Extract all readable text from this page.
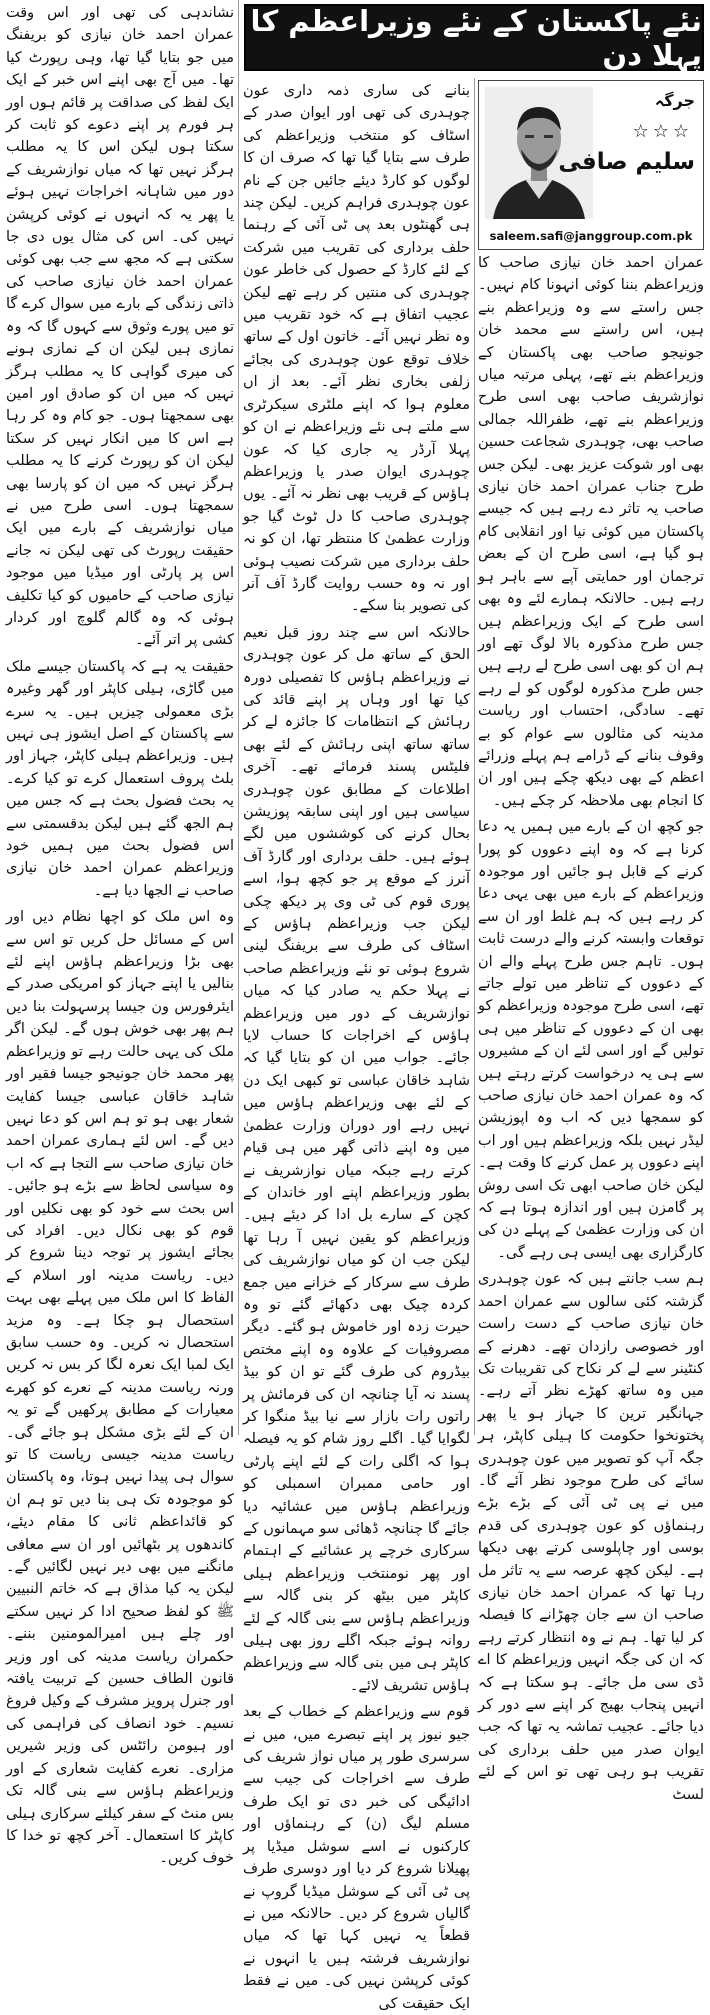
نشاندہی کی تھی اور اس وقت عمران احمد خان نیازی کو بریفنگ میں جو بتایا گیا تھا، وہی رپورٹ کیا تھا۔ میں آج بھی اپنے اس خبر کے ایک ایک لفظ کی صداقت پر قائم ہوں اور ہر فورم پر اپنے دعوے کو ثابت کر سکتا ہوں لیکن اس کا یہ مطلب ہرگز نہیں تھا کہ میاں نوازشریف کے دور میں شاہانہ اخراجات نہیں ہوئے یا پھر یہ کہ انہوں نے کوئی کرپشن نہیں کی۔ اس کی مثال یوں دی جا سکتی ہے کہ مجھ سے جب بھی کوئی عمران احمد خان نیازی صاحب کی ذاتی زندگی کے بارے میں سوال کرے گا تو میں پورے وثوق سے کہوں گا کہ وہ نمازی ہیں لیکن ان کے نمازی ہونے کی میری گواہی کا یہ مطلب ہرگز نہیں کہ میں ان کو صادق اور امین بھی سمجھتا ہوں۔ جو کام وہ کر رہا ہے اس کا میں انکار نہیں کر سکتا لیکن ان کو رپورٹ کرنے کا یہ مطلب ہرگز نہیں کہ میں ان کو پارسا بھی سمجھتا ہوں۔ اسی طرح میں نے میاں نوازشریف کے بارے میں ایک حقیقت رپورٹ کی تھی لیکن نہ جانے اس پر پارٹی اور میڈیا میں موجود نیازی صاحب کے حامیوں کو کیا تکلیف ہوئی کہ وہ گالم گلوچ اور کردار کشی پر اتر آئے۔

حقیقت یہ ہے کہ پاکستان جیسے ملک میں گاڑی، ہیلی کاپٹر اور گھر وغیرہ بڑی معمولی چیزیں ہیں۔ یہ سرے سے پاکستان کے اصل ایشوز ہی نہیں ہیں۔ وزیراعظم ہیلی کاپٹر، جہاز اور بلٹ پروف استعمال کرے تو کیا کرے۔ یہ بحث فضول بحث ہے کہ جس میں ہم الجھ گئے ہیں لیکن بدقسمتی سے اس فضول بحث میں ہمیں خود وزیراعظم عمران احمد خان نیازی صاحب نے الجھا دیا ہے۔

وہ اس ملک کو اچھا نظام دیں اور اس کے مسائل حل کریں تو اس سے بھی بڑا وزیراعظم ہاؤس اپنے لئے بنالیں یا اپنے جہاز کو امریکی صدر کے ایئرفورس ون جیسا پرسہولت بنا دیں ہم پھر بھی خوش ہوں گے۔ لیکن اگر ملک کی یہی حالت رہے تو وزیراعظم پھر محمد خان جونیجو جیسا فقیر اور شاہد خاقان عباسی جیسا کفایت شعار بھی ہو تو ہم اس کو دعا نہیں دیں گے۔ اس لئے ہماری عمران احمد خان نیازی صاحب سے التجا ہے کہ اب وہ سیاسی لحاظ سے بڑے ہو جائیں۔ اس بحث سے خود کو بھی نکلیں اور قوم کو بھی نکال دیں۔ افراد کی بجائے ایشوز پر توجہ دینا شروع کر دیں۔ ریاست مدینہ اور اسلام کے الفاظ کا اس ملک میں پہلے بھی بہت استحصال ہو چکا ہے۔ وہ مزید استحصال نہ کریں۔ وہ حسب سابق ایک لمبا ایک نعرہ لگا کر بس نہ کریں ورنہ ریاست مدینہ کے نعرے کو کھرے معیارات کے مطابق پرکھیں گے تو یہ ان کے لئے بڑی مشکل ہو جائے گی۔ ریاست مدینہ جیسی ریاست کا تو سوال ہی پیدا نہیں ہوتا، وہ پاکستان کو موجودہ تک ہی بنا دیں تو ہم ان کو قائداعظم ثانی کا مقام دیئے، کاندھوں پر بٹھائیں اور ان سے معافی مانگنے میں بھی دیر نہیں لگائیں گے۔ لیکن یہ کیا مذاق ہے کہ خاتم النبیین ﷺ کو لفظ صحیح ادا کر نہیں سکتے اور چلے ہیں امیرالمومنین بننے۔ حکمران ریاست مدینہ کی اور وزیر قانون الطاف حسین کے تربیت یافتہ اور جنرل پرویز مشرف کے وکیل فروغ نسیم۔ خود انصاف کی فراہمی کی اور ہیومن رائٹس کی وزیر شیریں مزاری۔ نعرے کفایت شعاری کے اور وزیراعظم ہاؤس سے بنی گالہ تک بس منٹ کے سفر کیلئے سرکاری ہیلی کاپٹر کا استعمال۔ آخر کچھ تو خدا کا خوف کریں۔

نئے پاکستان کے نئے وزیراعظم کا پہلا دن

بنانے کی ساری ذمہ داری عون چوہدری کی تھی اور ایوان صدر کے اسٹاف کو منتخب وزیراعظم کی طرف سے بتایا گیا تھا کہ صرف ان کا لوگوں کو کارڈ دیئے جائیں جن کے نام عون چوہدری فراہم کریں۔ لیکن چند ہی گھنٹوں بعد پی ٹی آئی کے رہنما حلف برداری کی تقریب میں شرکت کے لئے کارڈ کے حصول کی خاطر عون چوہدری کی منتیں کر رہے تھے لیکن عجیب اتفاق ہے کہ خود تقریب میں وہ نظر نہیں آئے۔ خاتون اول کے ساتھ خلاف توقع عون چوہدری کی بجائے زلفی بخاری نظر آئے۔ بعد از اں معلوم ہوا کہ اپنے ملٹری سیکرٹری سے ملتے ہی نئے وزیراعظم نے ان کو پہلا آرڈر یہ جاری کیا کہ عون چوہدری ایوان صدر یا وزیراعظم ہاؤس کے قریب بھی نظر نہ آئے۔ یوں چوہدری صاحب کا دل ٹوٹ گیا جو وزارت عظمیٰ کا منتظر تھا، ان کو نہ حلف برداری میں شرکت نصیب ہوئی اور نہ وہ حسب روایت گارڈ آف آنر کی تصویر بنا سکے۔

حالانکہ اس سے چند روز قبل نعیم الحق کے ساتھ مل کر عون چوہدری نے وزیراعظم ہاؤس کا تفصیلی دورہ کیا تھا اور وہاں پر اپنے قائد کی رہائش کے انتظامات کا جائزہ لے کر ساتھ ساتھ اپنی رہائش کے لئے بھی فلیٹس پسند فرمائے تھے۔ آخری اطلاعات کے مطابق عون چوہدری سیاسی ہیں اور اپنی سابقہ پوزیشن بحال کرنے کی کوششوں میں لگے ہوئے ہیں۔ حلف برداری اور گارڈ آف آنرز کے موقع پر جو کچھ ہوا، اسے پوری قوم کی ٹی وی پر دیکھ چکی لیکن جب وزیراعظم ہاؤس کے اسٹاف کی طرف سے بریفنگ لینی شروع ہوئی تو نئے وزیراعظم صاحب نے پہلا حکم یہ صادر کیا کہ میاں نوازشریف کے دور میں وزیراعظم ہاؤس کے اخراجات کا حساب لایا جائے۔ جواب میں ان کو بتایا گیا کہ شاہد خاقان عباسی تو کبھی ایک دن کے لئے بھی وزیراعظم ہاؤس میں نہیں رہے اور دوران وزارت عظمیٰ میں وہ اپنے ذاتی گھر میں ہی قیام کرتے رہے جبکہ میاں نوازشریف نے بطور وزیراعظم اپنے اور خاندان کے کچن کے سارے بل ادا کر دیئے ہیں۔ وزیراعظم کو یقین نہیں آ رہا تھا لیکن جب ان کو میاں نوازشریف کی طرف سے سرکار کے خزانے میں جمع کردہ چیک بھی دکھائے گئے تو وہ حیرت زدہ اور خاموش ہو گئے۔ دیگر مصروفیات کے علاوہ وہ اپنے مختص بیڈروم کی طرف گئے تو ان کو بیڈ پسند نہ آیا چنانچہ ان کی فرمائش پر راتوں رات بازار سے نیا بیڈ منگوا کر لگوایا گیا۔ اگلے روز شام کو یہ فیصلہ ہوا کہ اگلی رات کے لئے اپنے پارٹی اور حامی ممبران اسمبلی کو وزیراعظم ہاؤس میں عشائیہ دیا جائے گا چنانچہ ڈھائی سو مہمانوں کے سرکاری خرچے پر عشائیے کے اہتمام اور پھر نومنتخب وزیراعظم ہیلی کاپٹر میں بیٹھ کر بنی گالہ سے وزیراعظم ہاؤس سے بنی گالہ کے لئے روانہ ہوئے جبکہ اگلے روز بھی ہیلی کاپٹر ہی میں بنی گالہ سے وزیراعظم ہاؤس تشریف لائے۔

قوم سے وزیراعظم کے خطاب کے بعد جیو نیوز پر اپنے تبصرے میں، میں نے سرسری طور پر میاں نواز شریف کی طرف سے اخراجات کی جیب سے ادائیگی کی خبر دی تو ایک طرف مسلم لیگ (ن) کے رہنماؤں اور کارکنوں نے اسے سوشل میڈیا پر پھیلانا شروع کر دیا اور دوسری طرف پی ٹی آئی کے سوشل میڈیا گروپ نے گالیاں شروع کر دیں۔ حالانکہ میں نے قطعاً یہ نہیں کہا تھا کہ میاں نوازشریف فرشتہ ہیں یا انہوں نے کوئی کرپشن نہیں کی۔ میں نے فقط ایک حقیقت کی

جرگہ
☆☆☆
سلیم صافی
saleem.safi@janggroup.com.pk

عمران احمد خان نیازی صاحب کا وزیراعظم بننا کوئی انہونا کام نہیں۔ جس راستے سے وہ وزیراعظم بنے ہیں، اس راستے سے محمد خان جونیجو صاحب بھی پاکستان کے وزیراعظم بنے تھے، پہلی مرتبہ میاں نوازشریف صاحب بھی اسی طرح وزیراعظم بنے تھے، ظفراللہ جمالی صاحب بھی، چوہدری شجاعت حسین بھی اور شوکت عزیز بھی۔ لیکن جس طرح جناب عمران احمد خان نیازی صاحب یہ تاثر دے رہے ہیں کہ جیسے پاکستان میں کوئی نیا اور انقلابی کام ہو گیا ہے، اسی طرح ان کے بعض ترجمان اور حمایتی آپے سے باہر ہو رہے ہیں۔ حالانکہ ہمارے لئے وہ بھی اسی طرح کے ایک وزیراعظم ہیں جس طرح مذکورہ بالا لوگ تھے اور ہم ان کو بھی اسی طرح لے رہے ہیں جس طرح مذکورہ لوگوں کو لے رہے تھے۔ سادگی، احتساب اور ریاست مدینہ کی مثالوں سے عوام کو بے وقوف بنانے کے ڈرامے ہم پہلے وزرائے اعظم کے بھی دیکھ چکے ہیں اور ان کا انجام بھی ملاحظہ کر چکے ہیں۔

جو کچھ ان کے بارے میں ہمیں یہ دعا کرنا ہے کہ وہ اپنے دعووں کو پورا کرنے کے قابل ہو جائیں اور موجودہ وزیراعظم کے بارے میں بھی یہی دعا کر رہے ہیں کہ ہم غلط اور ان سے توقعات وابستہ کرنے والے درست ثابت ہوں۔ تاہم جس طرح پہلے والے ان کے دعووں کے تناظر میں تولے جاتے تھے، اسی طرح موجودہ وزیراعظم کو بھی ان کے دعووں کے تناظر میں ہی تولیں گے اور اسی لئے ان کے مشیروں سے ہی یہ درخواست کرتے رہتے ہیں کہ وہ عمران احمد خان نیازی صاحب کو سمجھا دیں کہ اب وہ اپوزیشن لیڈر نہیں بلکہ وزیراعظم ہیں اور اب اپنے دعووں پر عمل کرنے کا وقت ہے۔ لیکن خان صاحب ابھی تک اسی روش پر گامزن ہیں اور اندازہ ہوتا ہے کہ ان کی وزارت عظمیٰ کے پہلے دن کی کارگزاری بھی ایسی ہی رہے گی۔

ہم سب جانتے ہیں کہ عون چوہدری گزشتہ کئی سالوں سے عمران احمد خان نیازی صاحب کے دست راست اور خصوصی رازدان تھے۔ دھرنے کے کنٹینر سے لے کر نکاح کی تقریبات تک میں وہ ساتھ کھڑے نظر آتے رہے۔ جہانگیر ترین کا جہاز ہو یا پھر پختونخوا حکومت کا ہیلی کاپٹر، ہر جگہ آپ کو تصویر میں عون چوہدری سائے کی طرح موجود نظر آئے گا۔ میں نے پی ٹی آئی کے بڑے بڑے رہنماؤں کو عون چوہدری کی قدم بوسی اور چاپلوسی کرتے بھی دیکھا ہے۔ لیکن کچھ عرصہ سے یہ تاثر مل رہا تھا کہ عمران احمد خان نیازی صاحب ان سے جان چھڑانے کا فیصلہ کر لیا تھا۔ ہم نے وہ انتظار کرتے رہے کہ ان کی جگہ انہیں وزیراعظم کا اے ڈی سی مل جائے۔ ہو سکتا ہے کہ انہیں پنجاب بھیج کر اپنے سے دور کر دیا جائے۔ عجیب تماشہ یہ تھا کہ جب ایوان صدر میں حلف برداری کی تقریب ہو رہی تھی تو اس کے لئے لسٹ
